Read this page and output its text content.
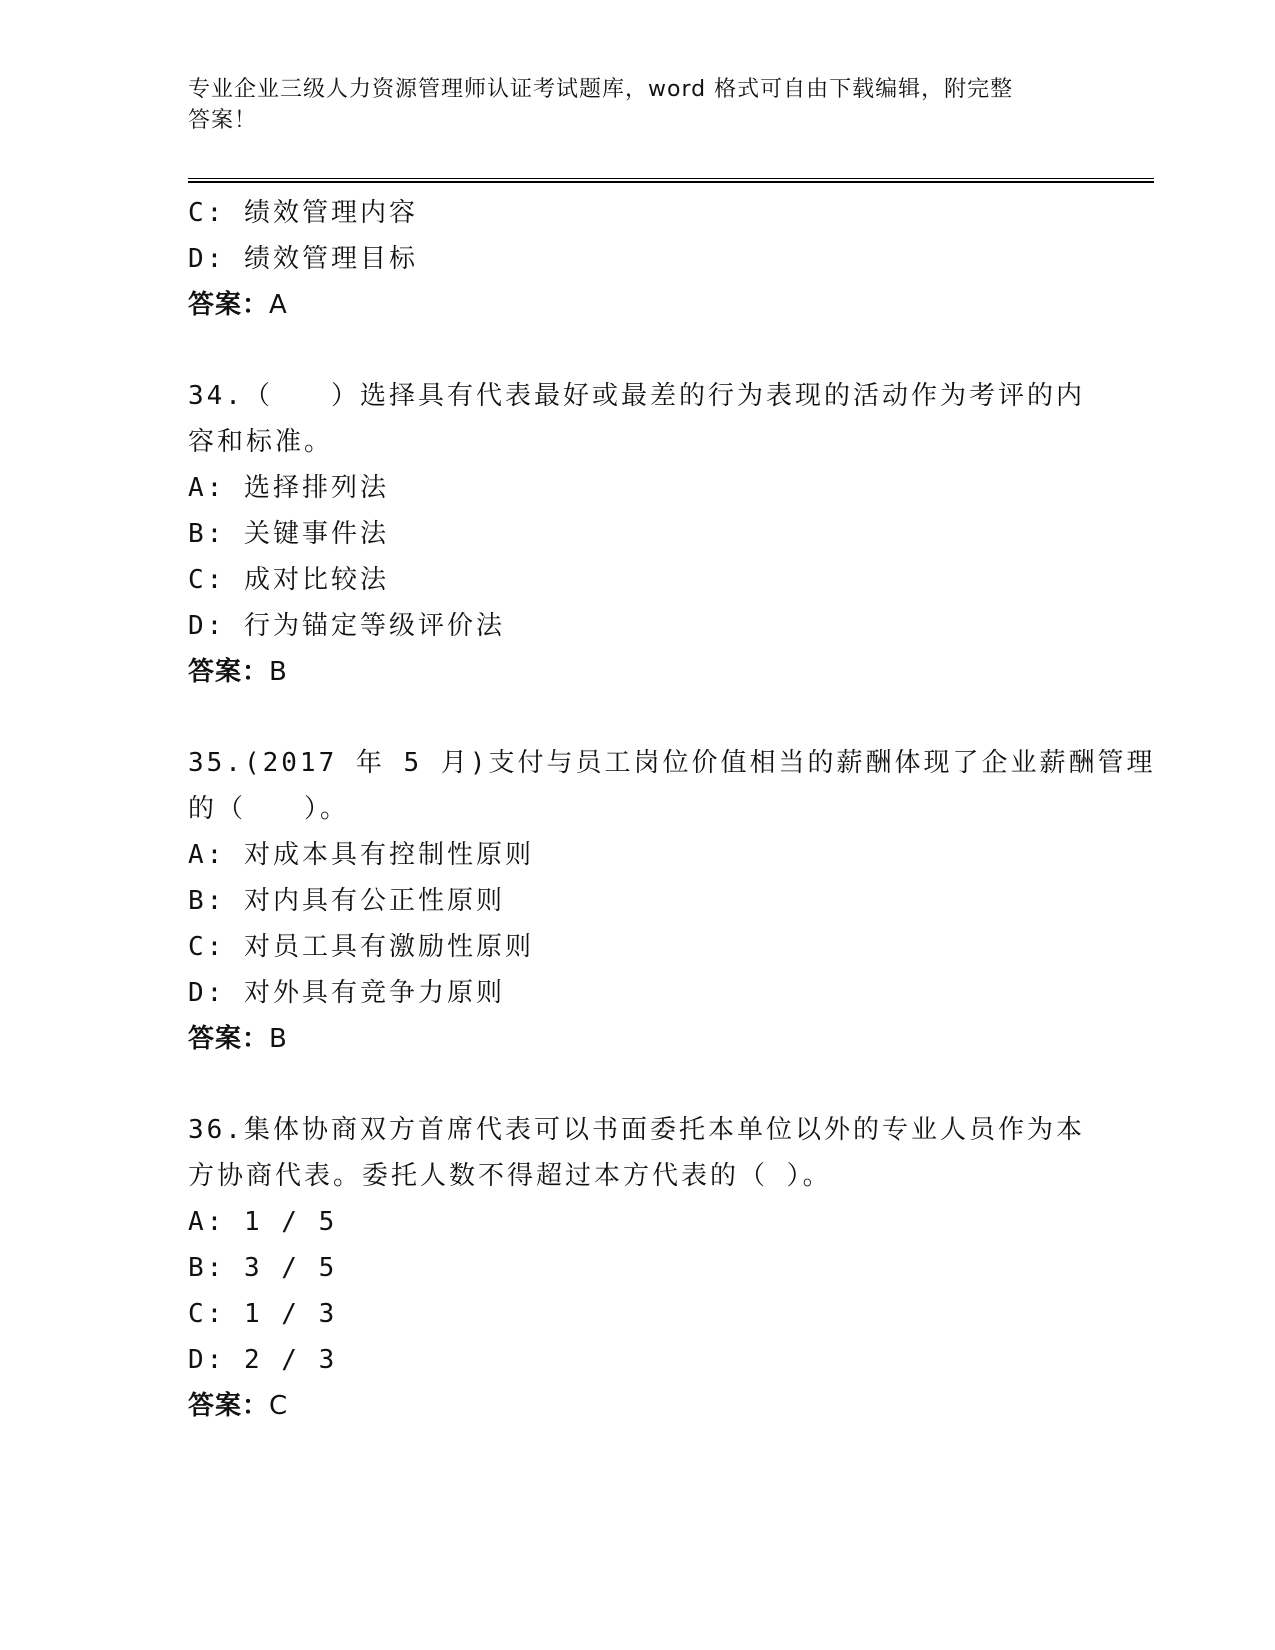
专业企业三级人力资源管理师认证考试题库，word 格式可自由下载编辑，附完整
答案！
C: 绩效管理内容
D: 绩效管理目标
答案：A
34.（　　）选择具有代表最好或最差的行为表现的活动作为考评的内
容和标准。
A: 选择排列法
B: 关键事件法
C: 成对比较法
D: 行为锚定等级评价法
答案：B
35.(2017 年 5 月)支付与员工岗位价值相当的薪酬体现了企业薪酬管理
的（　　）。
A: 对成本具有控制性原则
B: 对内具有公正性原则
C: 对员工具有激励性原则
D: 对外具有竞争力原则
答案：B
36.集体协商双方首席代表可以书面委托本单位以外的专业人员作为本
方协商代表。委托人数不得超过本方代表的（ ）。
A: 1 / 5
B: 3 / 5
C: 1 / 3
D: 2 / 3
答案：C
